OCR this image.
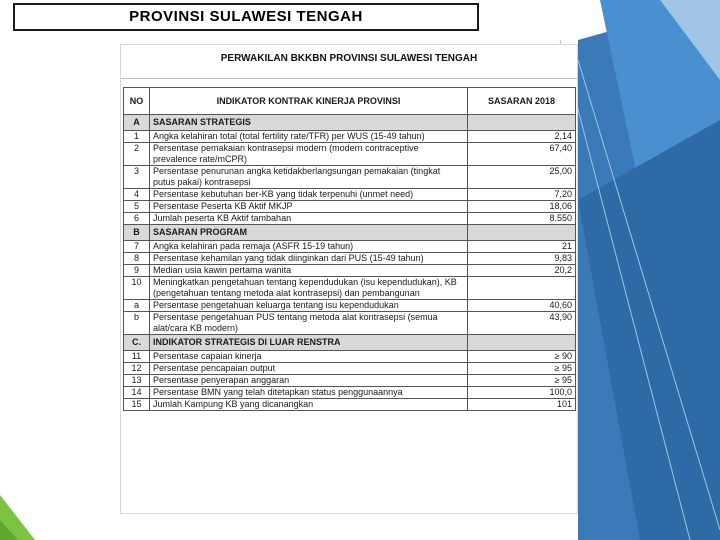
PROVINSI SULAWESI TENGAH
PERWAKILAN BKKBN PROVINSI SULAWESI TENGAH
NO	INDIKATOR KONTRAK KINERJA PROVINSI	SASARAN 2018
A	SASARAN STRATEGIS	
1	Angka kelahiran total (total fertility rate/TFR) per WUS (15-49 tahun)	2,14
2	Persentase pemakaian kontrasepsi modern (modern contraceptive prevalence rate/mCPR)	67,40
3	Persentase penurunan angka ketidakberlangsungan pemakaian (tingkat putus pakai) kontrasepsi	25,00
4	Persentase kebutuhan ber-KB yang tidak terpenuhi (unmet need)	7,20
5	Persentase Peserta KB Aktif MKJP	18,06
6	Jumlah peserta KB Aktif tambahan	8.550
B	SASARAN PROGRAM	
7	Angka kelahiran pada remaja (ASFR 15-19 tahun)	21
8	Persentase kehamilan yang tidak diinginkan dari PUS (15-49 tahun)	9,83
9	Median usia kawin pertama wanita	20,2
10	Meningkatkan pengetahuan tentang kependudukan (isu kependudukan), KB (pengetahuan tentang metoda alat kontrasepsi) dan pembangunan	
a	Persentase pengetahuan keluarga tentang isu kependudukan	40,60
b	Persentase pengetahuan PUS tentang metoda alat kontrasepsi (semua alat/cara KB modern)	43,90
C.	INDIKATOR STRATEGIS DI LUAR RENSTRA	
11	Persentase capaian kinerja	≥ 90
12	Persentase pencapaian output	≥ 95
13	Persentase penyerapan anggaran	≥ 95
14	Persentase BMN yang telah ditetapkan status penggunaannya	100,0
15	Jumlah Kampung KB yang dicanangkan	101
